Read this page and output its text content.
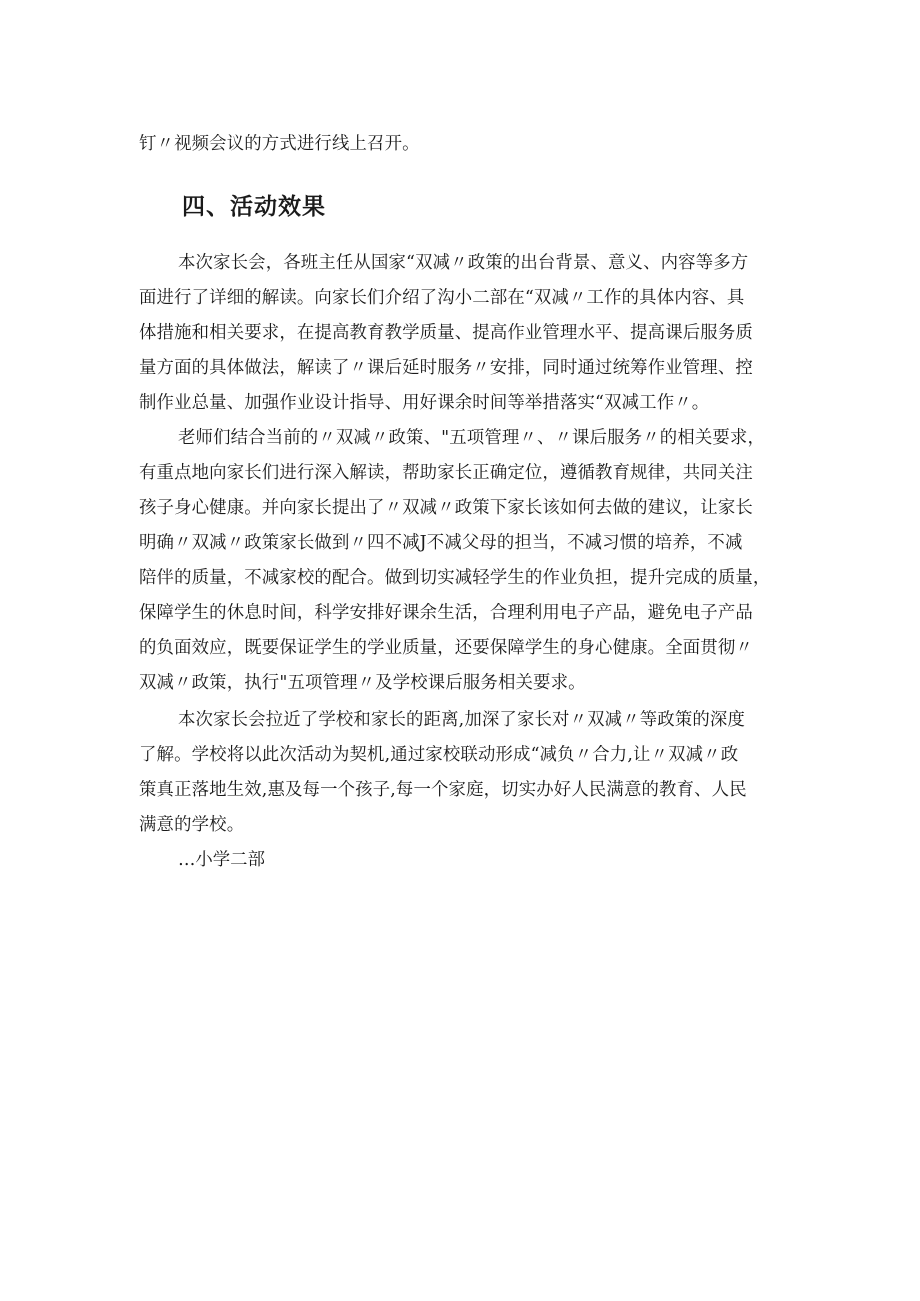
钉〃视频会议的方式进行线上召开。
四、活动效果
本次家长会，各班主任从国家“双减〃政策的出台背景、意义、内容等多方
面进行了详细的解读。向家长们介绍了沟小二部在“双减〃工作的具体内容、具
体措施和相关要求，在提高教育教学质量、提高作业管理水平、提高课后服务质
量方面的具体做法，解读了〃课后延时服务〃安排，同时通过统筹作业管理、控
制作业总量、加强作业设计指导、用好课余时间等举措落实“双减工作〃。
老师们结合当前的〃双减〃政策、"五项管理〃、〃课后服务〃的相关要求，
有重点地向家长们进行深入解读，帮助家长正确定位，遵循教育规律，共同关注
孩子身心健康。并向家长提出了〃双减〃政策下家长该如何去做的建议，让家长
明确〃双减〃政策家长做到〃四不减J不减父母的担当，不减习惯的培养，不减
陪伴的质量，不减家校的配合。做到切实减轻学生的作业负担，提升完成的质量，
保障学生的休息时间，科学安排好课余生活，合理利用电子产品，避免电子产品
的负面效应，既要保证学生的学业质量，还要保障学生的身心健康。全面贯彻〃
双减〃政策，执行"五项管理〃及学校课后服务相关要求。
本次家长会拉近了学校和家长的距离,加深了家长对〃双减〃等政策的深度
了解。学校将以此次活动为契机,通过家校联动形成“减负〃合力,让〃双减〃政
策真正落地生效,惠及每一个孩子,每一个家庭，切实办好人民满意的教育、人民
满意的学校。
…小学二部
